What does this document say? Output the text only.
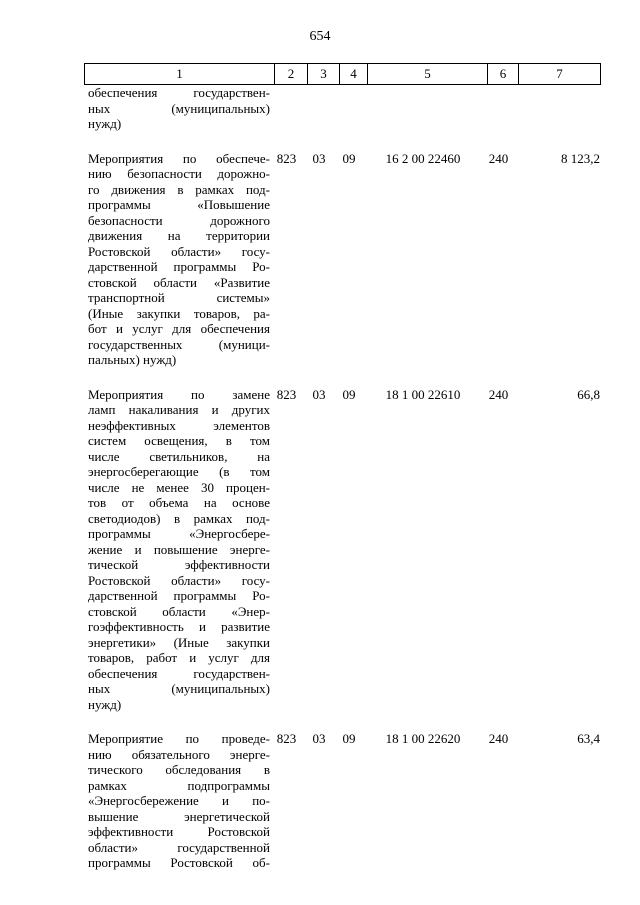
654
1	2	3	4	5	6	7
обеспечения государствен-
ных (муниципальных)
нужд)
Мероприятия по обеспече-
нию безопасности дорожно-
го движения в рамках под-
программы «Повышение
безопасности дорожного
движения на территории
Ростовской области» госу-
дарственной программы Ро-
стовской области «Развитие
транспортной системы»
(Иные закупки товаров, ра-
бот и услуг для обеспечения
государственных (муници-
пальных) нужд)
823	03	09	16 2 00 22460	240	8 123,2
Мероприятия по замене
ламп накаливания и других
неэффективных элементов
систем освещения, в том
числе светильников, на
энергосберегающие (в том
числе не менее 30 процен-
тов от объема на основе
светодиодов) в рамках под-
программы «Энергосбере-
жение и повышение энерге-
тической эффективности
Ростовской области» госу-
дарственной программы Ро-
стовской области «Энер-
гоэффективность и развитие
энергетики» (Иные закупки
товаров, работ и услуг для
обеспечения государствен-
ных (муниципальных)
нужд)
823	03	09	18 1 00 22610	240	66,8
Мероприятие по проведе-
нию обязательного энерге-
тического обследования в
рамках подпрограммы
«Энергосбережение и по-
вышение энергетической
эффективности Ростовской
области» государственной
программы Ростовской об-
823	03	09	18 1 00 22620	240	63,4
